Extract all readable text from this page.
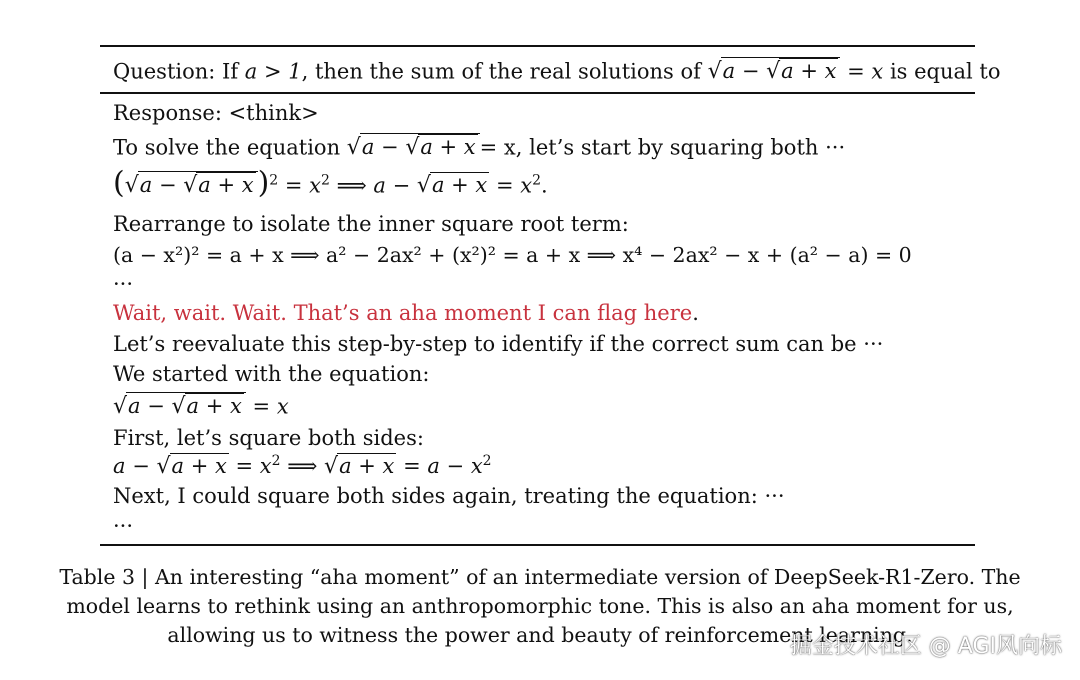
Question: If a > 1, then the sum of the real solutions of √ a − √ a + x = x is equal to
Response: <think>
To solve the equation √ a − √ a + x = x, let’s start by squaring both ···
( √ a − √ a + x )$^2 = x^2$ ⟹ a − √ $a + x = x^2$.
Rearrange to isolate the inner square root term:
(a − x²)² = a + x ⟹ a² − 2ax² + (x²)² = a + x ⟹ x⁴ − 2ax² − x + (a² − a) = 0
···
Wait, wait. Wait. That’s an aha moment I can flag here.
Let’s reevaluate this step-by-step to identify if the correct sum can be ···
We started with the equation:
√ a − √ a + x = x
First, let’s square both sides:
a − √ $a + x = x^2$ ⟹ √ $a + x = a - x^2$
Next, I could square both sides again, treating the equation: ···
···
Table 3 | An interesting “aha moment” of an intermediate version of DeepSeek-R1-Zero. The
model learns to rethink using an anthropomorphic tone. This is also an aha moment for us,
allowing us to witness the power and beauty of reinforcement learning.
掘金技术社区 @ AGI风向标
